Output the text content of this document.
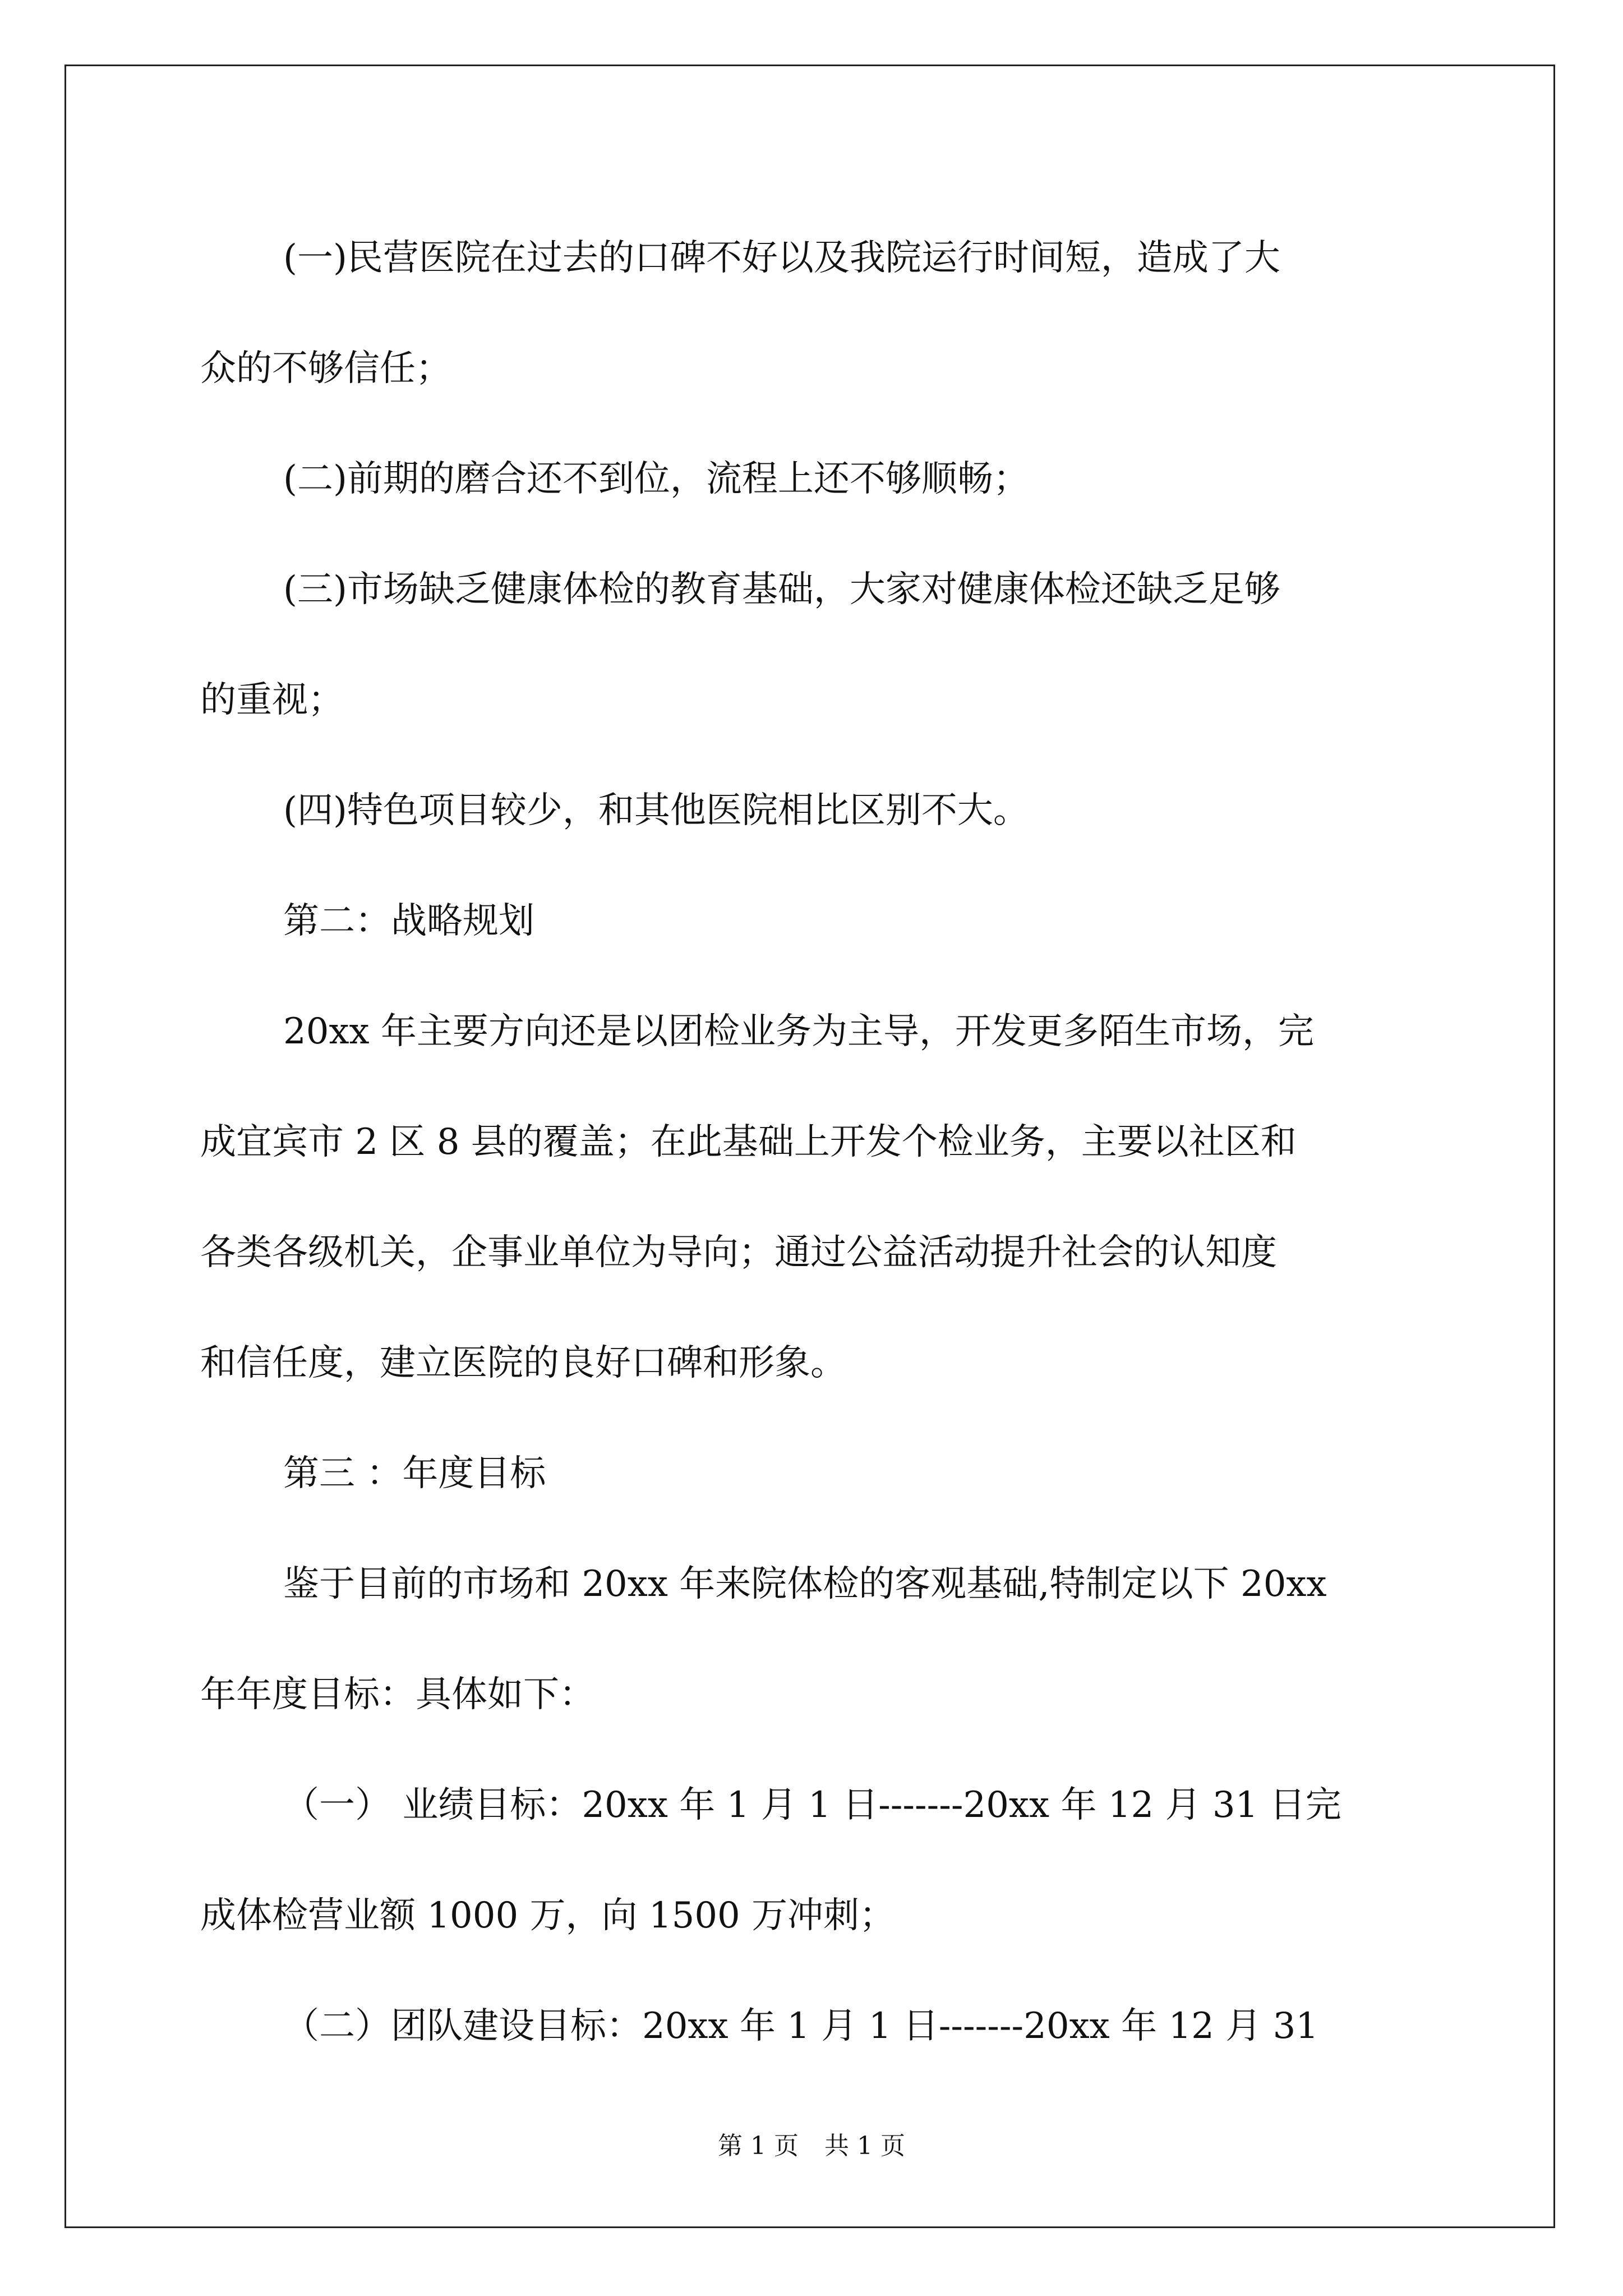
(一)民营医院在过去的口碑不好以及我院运行时间短，造成了大
众的不够信任；
(二)前期的磨合还不到位，流程上还不够顺畅；
(三)市场缺乏健康体检的教育基础，大家对健康体检还缺乏足够
的重视；
(四)特色项目较少，和其他医院相比区别不大。
第二：战略规划
20xx 年主要方向还是以团检业务为主导，开发更多陌生市场，完
成宜宾市 2 区 8 县的覆盖；在此基础上开发个检业务，主要以社区和
各类各级机关，企事业单位为导向；通过公益活动提升社会的认知度
和信任度，建立医院的良好口碑和形象。
第三 ：年度目标
鉴于目前的市场和 20xx 年来院体检的客观基础,特制定以下 20xx
年年度目标：具体如下：
（一） 业绩目标：20xx 年 1 月 1 日-------20xx 年 12 月 31 日完
成体检营业额 1000 万，向 1500 万冲刺；
（二）团队建设目标：20xx 年 1 月 1 日-------20xx 年 12 月 31
第 1 页 共 1 页
